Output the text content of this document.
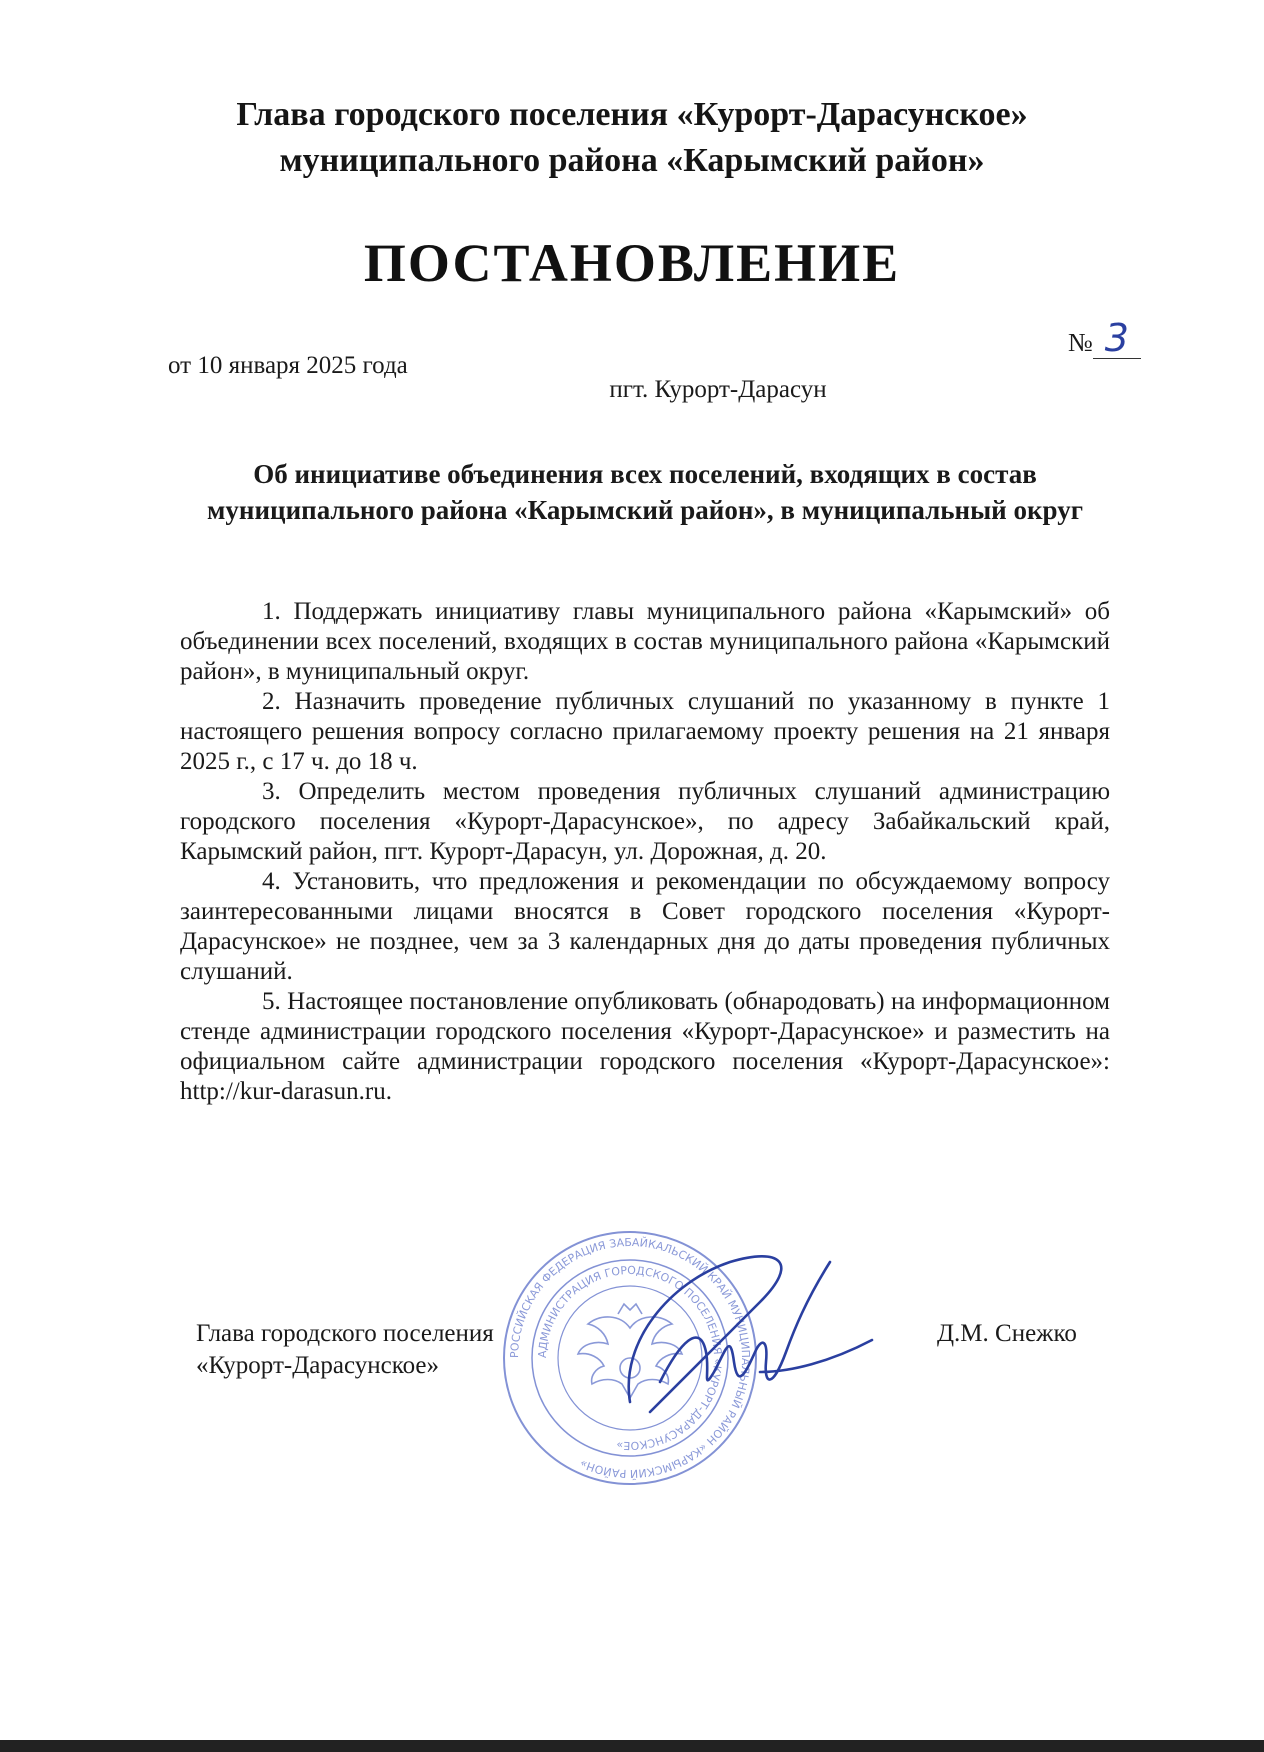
Глава городского поселения «Курорт-Дарасунское»
муниципального района «Карымский район»
ПОСТАНОВЛЕНИЕ
от 10 января 2025 года
№ 3
пгт. Курорт-Дарасун
Об инициативе объединения всех поселений, входящих в состав
муниципального района «Карымский район», в муниципальный округ

1. Поддержать инициативу главы муниципального района «Карымский» об объединении всех поселений, входящих в состав муниципального района «Карымский район», в муниципальный округ.

2. Назначить проведение публичных слушаний по указанному в пункте 1 настоящего решения вопросу согласно прилагаемому проекту решения на 21 января 2025 г., с 17 ч. до 18 ч.

3. Определить местом проведения публичных слушаний администрацию городского поселения «Курорт-Дарасунское», по адресу Забайкальский край, Карымский район, пгт. Курорт-Дарасун, ул. Дорожная, д. 20.

4. Установить, что предложения и рекомендации по обсуждаемому вопросу заинтересованными лицами вносятся в Совет городского поселения «Курорт-Дарасунское» не позднее, чем за 3 календарных дня до даты проведения публичных слушаний.

5. Настоящее постановление опубликовать (обнародовать) на информационном стенде администрации городского поселения «Курорт-Дарасунское» и разместить на официальном сайте администрации городского поселения «Курорт-Дарасунское»: http://kur-darasun.ru.

РОССИЙСКАЯ ФЕДЕРАЦИЯ ЗАБАЙКАЛЬСКИЙ КРАЙ МУНИЦИПАЛЬНЫЙ РАЙОН «КАРЫМСКИЙ РАЙОН»
АДМИНИСТРАЦИЯ ГОРОДСКОГО ПОСЕЛЕНИЯ «КУРОРТ-ДАРАСУНСКОЕ»
Глава городского поселения
«Курорт-Дарасунское»
Д.М. Снежко
